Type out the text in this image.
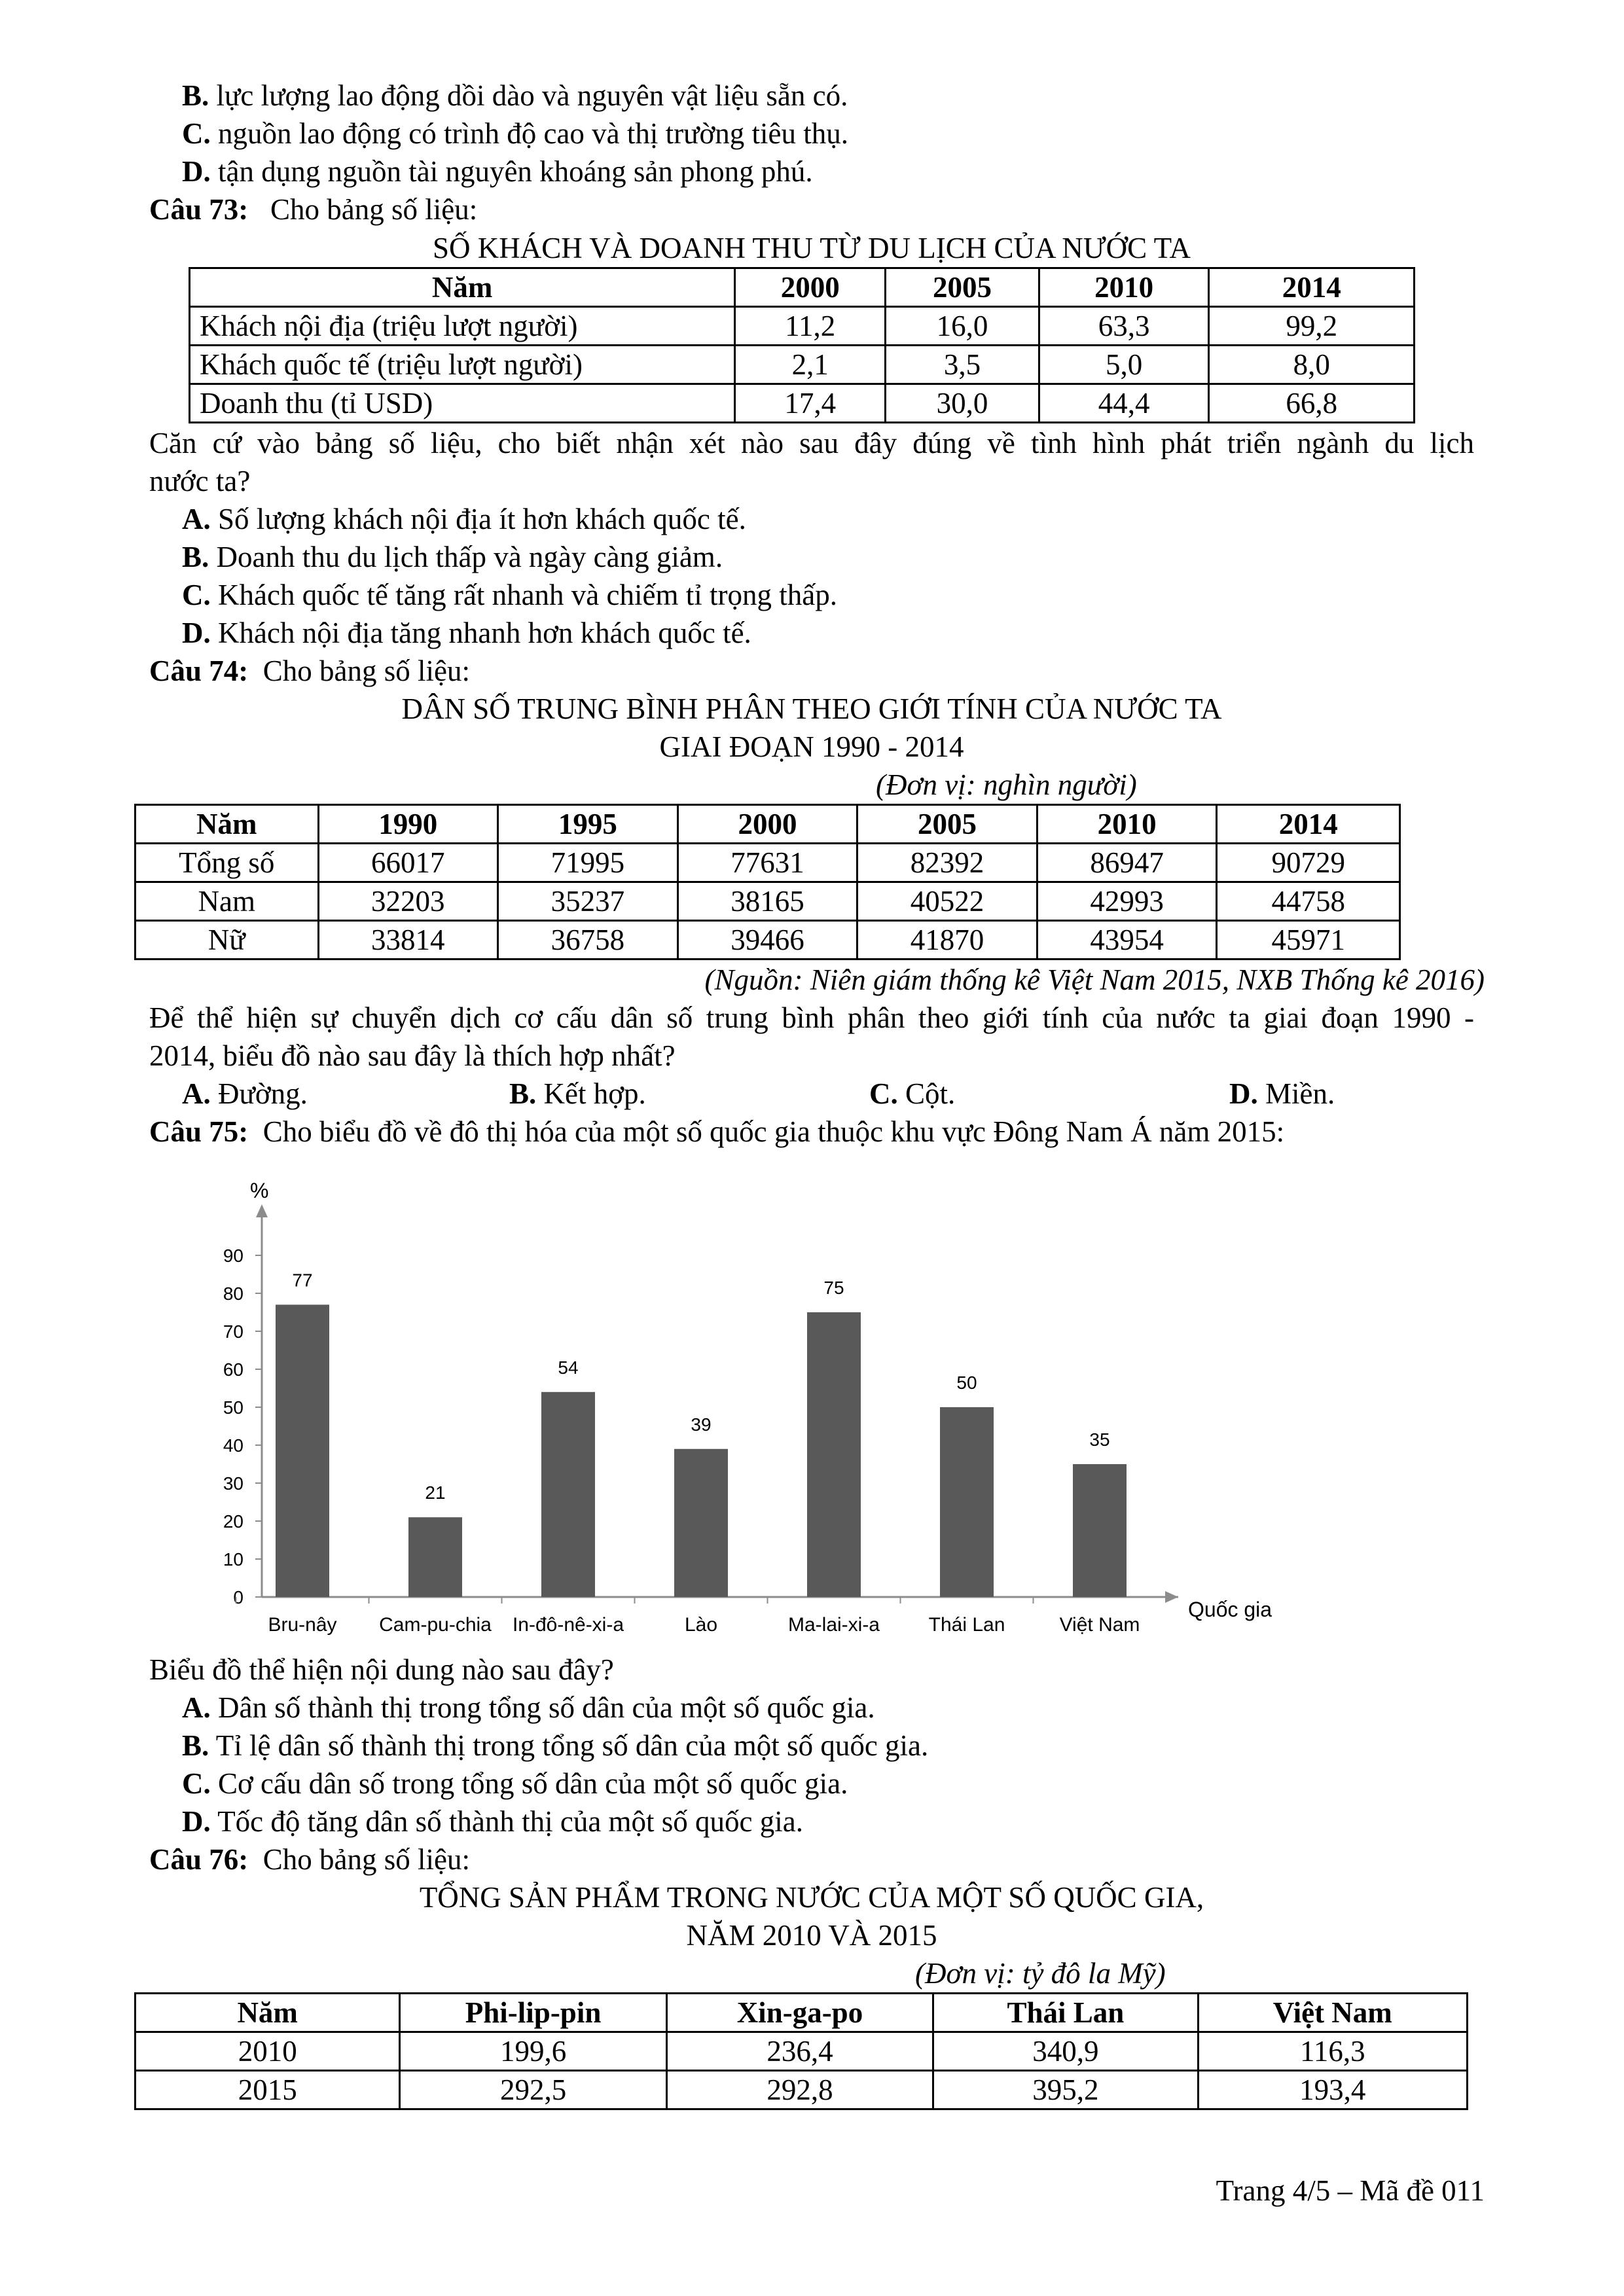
B. lực lượng lao động dồi dào và nguyên vật liệu sẵn có.
C. nguồn lao động có trình độ cao và thị trường tiêu thụ.
D. tận dụng nguồn tài nguyên khoáng sản phong phú.
Câu 73: Cho bảng số liệu:
SỐ KHÁCH VÀ DOANH THU TỪ DU LỊCH CỦA NƯỚC TA
Năm	2000	2005	2010	2014
Khách nội địa (triệu lượt người)	11,2	16,0	63,3	99,2
Khách quốc tế (triệu lượt người)	2,1	3,5	5,0	8,0
Doanh thu (tỉ USD)	17,4	30,0	44,4	66,8
Căn cứ vào bảng số liệu, cho biết nhận xét nào sau đây đúng về tình hình phát triển ngành du lịch
nước ta?
A. Số lượng khách nội địa ít hơn khách quốc tế.
B. Doanh thu du lịch thấp và ngày càng giảm.
C. Khách quốc tế tăng rất nhanh và chiếm tỉ trọng thấp.
D. Khách nội địa tăng nhanh hơn khách quốc tế.
Câu 74: Cho bảng số liệu:
DÂN SỐ TRUNG BÌNH PHÂN THEO GIỚI TÍNH CỦA NƯỚC TA
GIAI ĐOẠN 1990 - 2014
(Đơn vị: nghìn người)
Năm	1990	1995	2000	2005	2010	2014
Tổng số	66017	71995	77631	82392	86947	90729
Nam	32203	35237	38165	40522	42993	44758
Nữ	33814	36758	39466	41870	43954	45971
(Nguồn: Niên giám thống kê Việt Nam 2015, NXB Thống kê 2016)
Để thể hiện sự chuyển dịch cơ cấu dân số trung bình phân theo giới tính của nước ta giai đoạn 1990 -
2014, biểu đồ nào sau đây là thích hợp nhất?
A. Đường.	B. Kết hợp.	C. Cột.	D. Miền.
Câu 75: Cho biểu đồ về đô thị hóa của một số quốc gia thuộc khu vực Đông Nam Á năm 2015:
%
Quốc gia
0
10
20
30
40
50
60
70
80
90
77
Bru-nây
21
Cam-pu-chia
54
In-đô-nê-xi-a
39
Lào
75
Ma-lai-xi-a
50
Thái Lan
35
Việt Nam
Biểu đồ thể hiện nội dung nào sau đây?
A. Dân số thành thị trong tổng số dân của một số quốc gia.
B. Tỉ lệ dân số thành thị trong tổng số dân của một số quốc gia.
C. Cơ cấu dân số trong tổng số dân của một số quốc gia.
D. Tốc độ tăng dân số thành thị của một số quốc gia.
Câu 76: Cho bảng số liệu:
TỔNG SẢN PHẨM TRONG NƯỚC CỦA MỘT SỐ QUỐC GIA,
NĂM 2010 VÀ 2015
(Đơn vị: tỷ đô la Mỹ)
Năm	Phi-lip-pin	Xin-ga-po	Thái Lan	Việt Nam
2010	199,6	236,4	340,9	116,3
2015	292,5	292,8	395,2	193,4
Trang 4/5 – Mã đề 011
